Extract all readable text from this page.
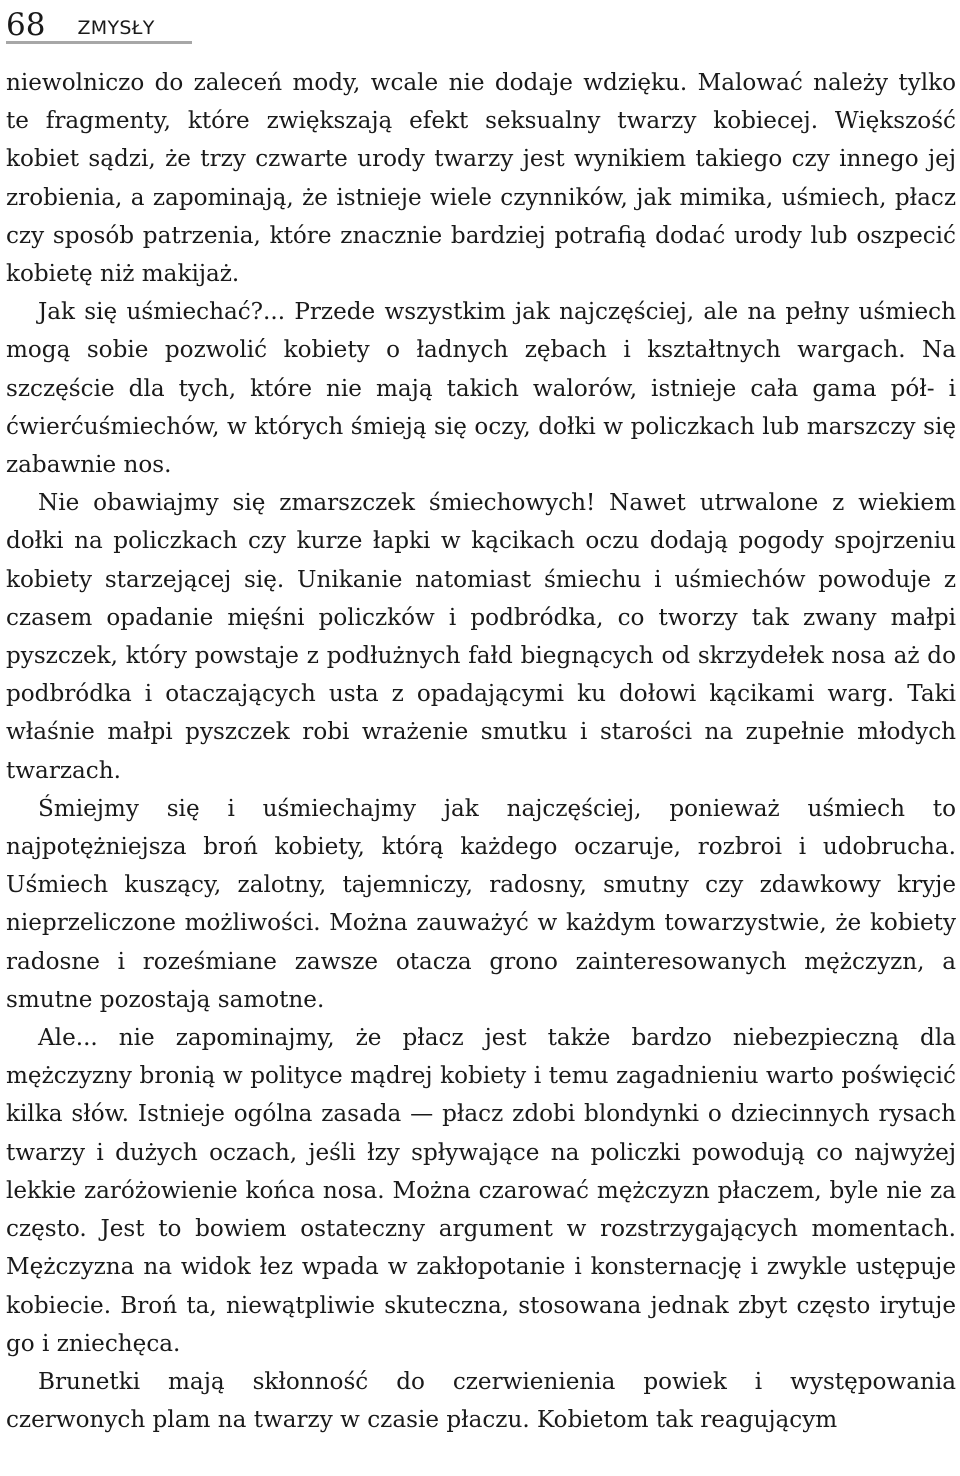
68 ZMYSŁY

niewolniczo do zaleceń mody, wcale nie dodaje wdzięku. Malować należy tylko te fragmenty, które zwiększają efekt seksualny twarzy kobiecej. Większość kobiet sądzi, że trzy czwarte urody twarzy jest wynikiem takiego czy innego jej zrobienia, a zapominają, że istnieje wiele czynników, jak mimika, uśmiech, płacz czy sposób patrzenia, które znacznie bardziej potrafią dodać urody lub oszpecić kobietę niż makijaż.

Jak się uśmiechać?... Przede wszystkim jak najczęściej, ale na pełny uśmiech mogą sobie pozwolić kobiety o ładnych zębach i kształtnych wargach. Na szczęście dla tych, które nie mają takich walorów, istnieje cała gama pół- i ćwierćuśmiechów, w których śmieją się oczy, dołki w policzkach lub marszczy się zabawnie nos.

Nie obawiajmy się zmarszczek śmiechowych! Nawet utrwalone z wiekiem dołki na policzkach czy kurze łapki w kącikach oczu dodają pogody spojrzeniu kobiety starzejącej się. Unikanie natomiast śmiechu i uśmiechów powoduje z czasem opadanie mięśni policzków i podbródka, co tworzy tak zwany małpi pyszczek, który powstaje z podłużnych fałd biegnących od skrzydełek nosa aż do podbródka i otaczających usta z opadającymi ku dołowi kącikami warg. Taki właśnie małpi pyszczek robi wrażenie smutku i starości na zupełnie młodych twarzach.

Śmiejmy się i uśmiechajmy jak najczęściej, ponieważ uśmiech to najpotężniejsza broń kobiety, którą każdego oczaruje, rozbroi i udobrucha. Uśmiech kuszący, zalotny, tajemniczy, radosny, smutny czy zdawkowy kryje nieprzeliczone możliwości. Można zauważyć w każdym towarzystwie, że kobiety radosne i roześmiane zawsze otacza grono zainteresowanych mężczyzn, a smutne pozostają samotne.

Ale... nie zapominajmy, że płacz jest także bardzo niebezpieczną dla mężczyzny bronią w polityce mądrej kobiety i temu zagadnieniu warto poświęcić kilka słów. Istnieje ogólna zasada — płacz zdobi blondynki o dziecinnych rysach twarzy i dużych oczach, jeśli łzy spływające na policzki powodują co najwyżej lekkie zaróżowienie końca nosa. Można czarować mężczyzn płaczem, byle nie za często. Jest to bowiem ostateczny argument w rozstrzygających momentach. Mężczyzna na widok łez wpada w zakłopotanie i konsternację i zwykle ustępuje kobiecie. Broń ta, niewątpliwie skuteczna, stosowana jednak zbyt często irytuje go i zniechęca.

Brunetki mają skłonność do czerwienienia powiek i występowania czerwonych plam na twarzy w czasie płaczu. Kobietom tak reagującym
